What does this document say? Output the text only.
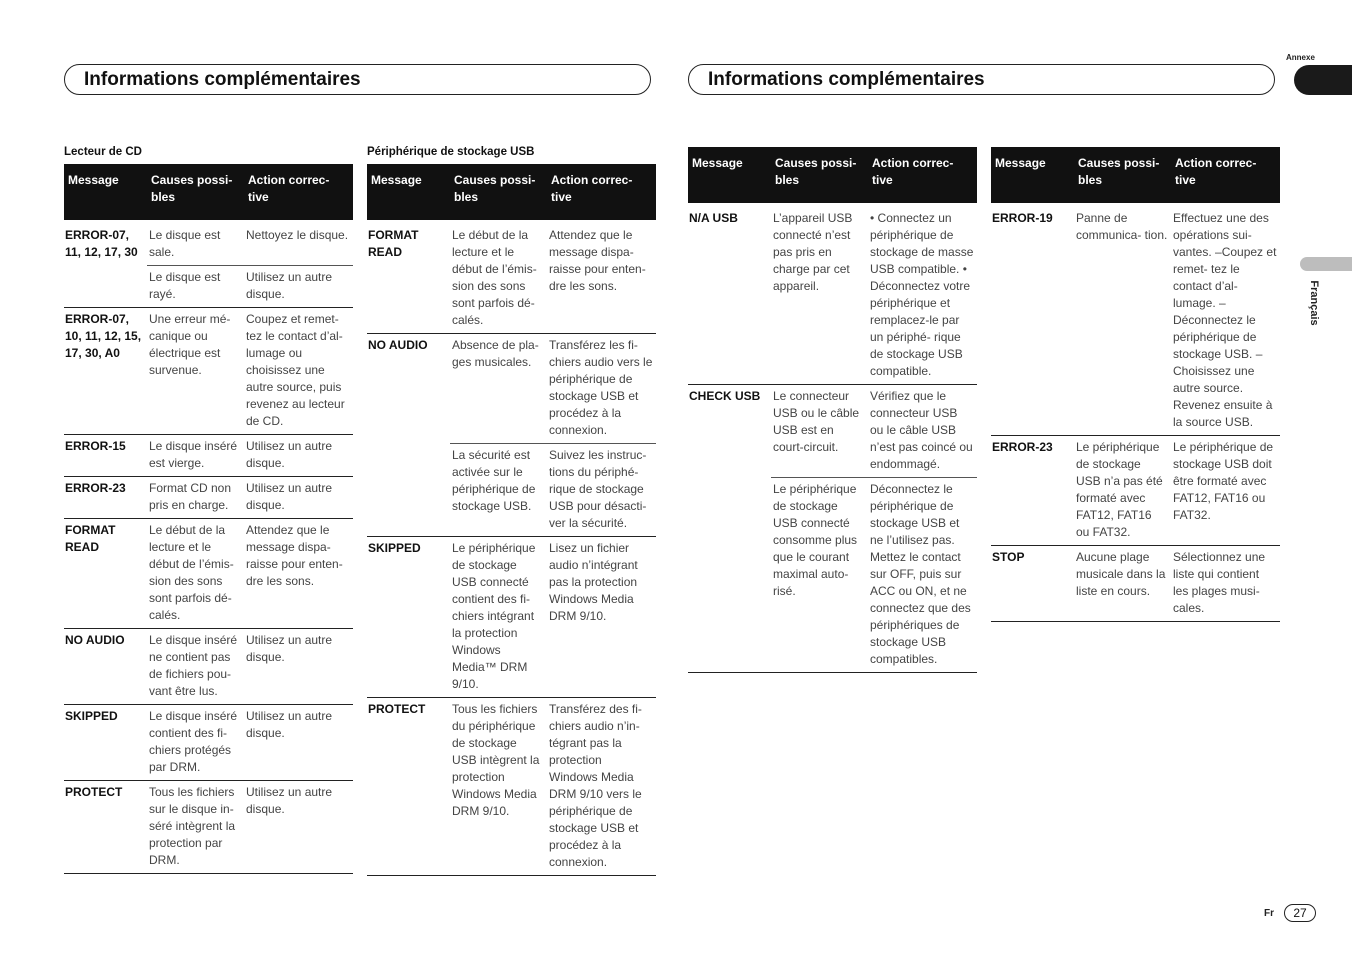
Informations complémentaires	Informations complémentaires
Annexe
Français
Lecteur de CD	Périphérique de stockage USB
Message	Causes possi- bles	Action correc- tive
ERROR-07, 11, 12, 17, 30	Le disque est sale.	Nettoyez le disque.
	Le disque est rayé.	Utilisez un autre disque.
ERROR-07, 10, 11, 12, 15, 17, 30, A0	Une erreur mé- canique ou électrique est survenue.	Coupez et remet- tez le contact d’al- lumage ou choisissez une autre source, puis revenez au lecteur de CD.
ERROR-15	Le disque inséré est vierge.	Utilisez un autre disque.
ERROR-23	Format CD non pris en charge.	Utilisez un autre disque.
FORMAT READ	Le début de la lecture et le début de l’émis- sion des sons sont parfois dé- calés.	Attendez que le message dispa- raisse pour enten- dre les sons.
NO AUDIO	Le disque inséré ne contient pas de fichiers pou- vant être lus.	Utilisez un autre disque.
SKIPPED	Le disque inséré contient des fi- chiers protégés par DRM.	Utilisez un autre disque.
PROTECT	Tous les fichiers sur le disque in- séré intègrent la protection par DRM.	Utilisez un autre disque.
Message	Causes possi- bles	Action correc- tive
FORMAT READ	Le début de la lecture et le début de l’émis- sion des sons sont parfois dé- calés.	Attendez que le message dispa- raisse pour enten- dre les sons.
NO AUDIO	Absence de pla- ges musicales.	Transférez les fi- chiers audio vers le périphérique de stockage USB et procédez à la connexion.
	La sécurité est activée sur le périphérique de stockage USB.	Suivez les instruc- tions du périphé- rique de stockage USB pour désacti- ver la sécurité.
SKIPPED	Le périphérique de stockage USB connecté contient des fi- chiers intégrant la protection Windows Media™ DRM 9/10.	Lisez un fichier audio n’intégrant pas la protection Windows Media DRM 9/10.
PROTECT	Tous les fichiers du périphérique de stockage USB intègrent la protection Windows Media DRM 9/10.	Transférez des fi- chiers audio n’in- tégrant pas la protection Windows Media DRM 9/10 vers le périphérique de stockage USB et procédez à la connexion.
Message	Causes possi- bles	Action correc- tive
N/A USB	L’appareil USB connecté n’est pas pris en charge par cet appareil.	• Connectez un périphérique de stockage de masse USB compatible. • Déconnectez votre périphérique et remplacez-le par un périphé- rique de stockage USB compatible.
CHECK USB	Le connecteur USB ou le câble USB est en court-circuit.	Vérifiez que le connecteur USB ou le câble USB n’est pas coincé ou endommagé.
	Le périphérique de stockage USB connecté consomme plus que le courant maximal auto- risé.	Déconnectez le périphérique de stockage USB et ne l’utilisez pas. Mettez le contact sur OFF, puis sur ACC ou ON, et ne connectez que des périphériques de stockage USB compatibles.
Message	Causes possi- bles	Action correc- tive
ERROR-19	Panne de communica- tion.	Effectuez une des opérations sui- vantes. –Coupez et remet- tez le contact d’al- lumage. –Déconnectez le périphérique de stockage USB. –Choisissez une autre source. Revenez ensuite à la source USB.
ERROR-23	Le périphérique de stockage USB n’a pas été formaté avec FAT12, FAT16 ou FAT32.	Le périphérique de stockage USB doit être formaté avec FAT12, FAT16 ou FAT32.
STOP	Aucune plage musicale dans la liste en cours.	Sélectionnez une liste qui contient les plages musi- cales.
Fr	27
